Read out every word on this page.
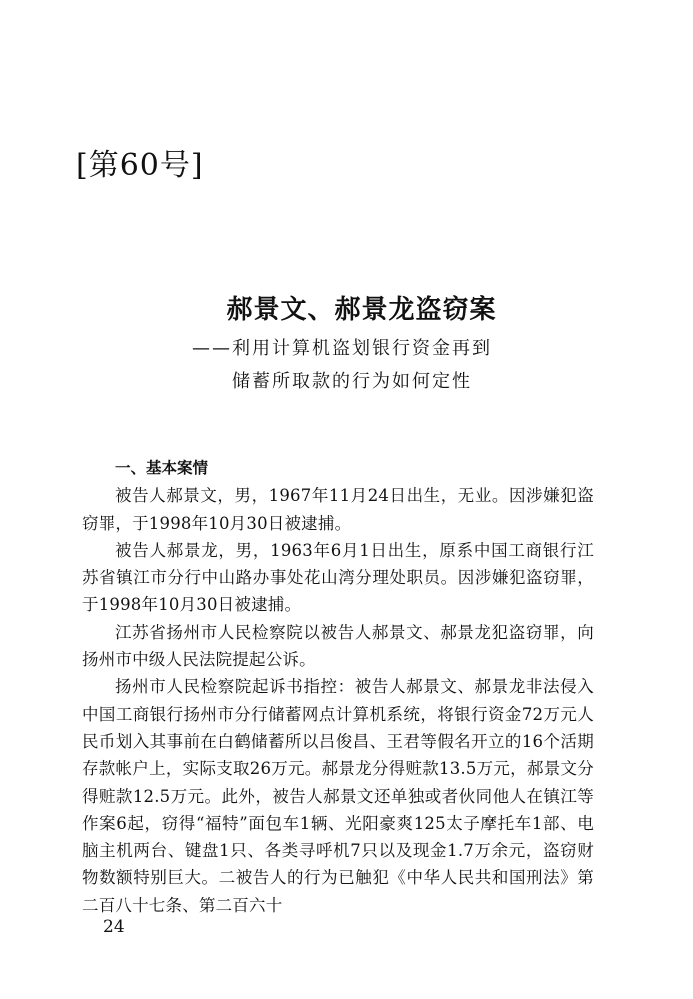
[第60号]
郝景文、郝景龙盗窃案
——利用计算机盗划银行资金再到
储蓄所取款的行为如何定性
一、基本案情

被告人郝景文，男，1967年11月24日出生，无业。因涉嫌犯盗窃罪，于1998年10月30日被逮捕。

被告人郝景龙，男，1963年6月1日出生，原系中国工商银行江苏省镇江市分行中山路办事处花山湾分理处职员。因涉嫌犯盗窃罪，于1998年10月30日被逮捕。

江苏省扬州市人民检察院以被告人郝景文、郝景龙犯盗窃罪，向扬州市中级人民法院提起公诉。

扬州市人民检察院起诉书指控：被告人郝景文、郝景龙非法侵入中国工商银行扬州市分行储蓄网点计算机系统，将银行资金72万元人民币划入其事前在白鹤储蓄所以吕俊昌、王君等假名开立的16个活期存款帐户上，实际支取26万元。郝景龙分得赃款13.5万元，郝景文分得赃款12.5万元。此外，被告人郝景文还单独或者伙同他人在镇江等作案6起，窃得“福特”面包车1辆、光阳豪爽125太子摩托车1部、电脑主机两台、键盘1只、各类寻呼机7只以及现金1.7万余元，盗窃财物数额特别巨大。二被告人的行为已触犯《中华人民共和国刑法》第二百八十七条、第二百六十

24
